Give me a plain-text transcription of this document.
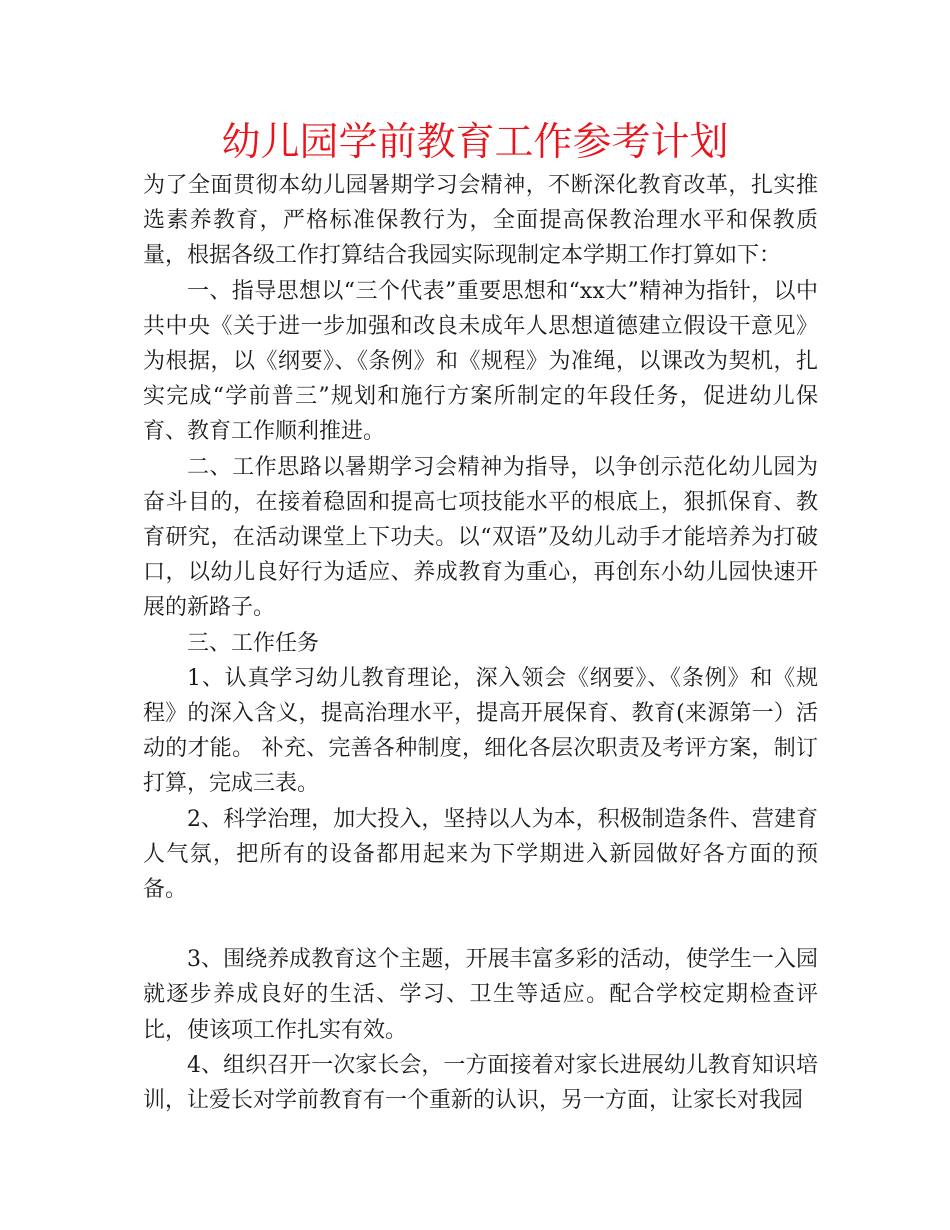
幼儿园学前教育工作参考计划

为了全面贯彻本幼儿园暑期学习会精神，不断深化教育改革，扎实推选素养教育，严格标准保教行为，全面提高保教治理水平和保教质量，根据各级工作打算结合我园实际现制定本学期工作打算如下：

一、指导思想以“三个代表”重要思想和“xx大”精神为指针，以中共中央《关于进一步加强和改良未成年人思想道德建立假设干意见》为根据，以《纲要》、《条例》和《规程》为准绳，以课改为契机，扎实完成“学前普三”规划和施行方案所制定的年段任务，促进幼儿保育、教育工作顺利推进。

二、工作思路以暑期学习会精神为指导，以争创示范化幼儿园为奋斗目的，在接着稳固和提高七项技能水平的根底上，狠抓保育、教育研究，在活动课堂上下功夫。以“双语”及幼儿动手才能培养为打破口，以幼儿良好行为适应、养成教育为重心，再创东小幼儿园快速开展的新路子。

三、工作任务

1、认真学习幼儿教育理论，深入领会《纲要》、《条例》和《规程》的深入含义，提高治理水平，提高开展保育、教育(来源第一）活动的才能。 补充、完善各种制度，细化各层次职责及考评方案，制订打算，完成三表。

2、科学治理，加大投入，坚持以人为本，积极制造条件、营建育人气氛，把所有的设备都用起来为下学期进入新园做好各方面的预备。

3、围绕养成教育这个主题，开展丰富多彩的活动，使学生一入园就逐步养成良好的生活、学习、卫生等适应。配合学校定期检查评比，使该项工作扎实有效。

4、组织召开一次家长会，一方面接着对家长进展幼儿教育知识培训，让爱长对学前教育有一个重新的认识，另一方面，让家长对我园
